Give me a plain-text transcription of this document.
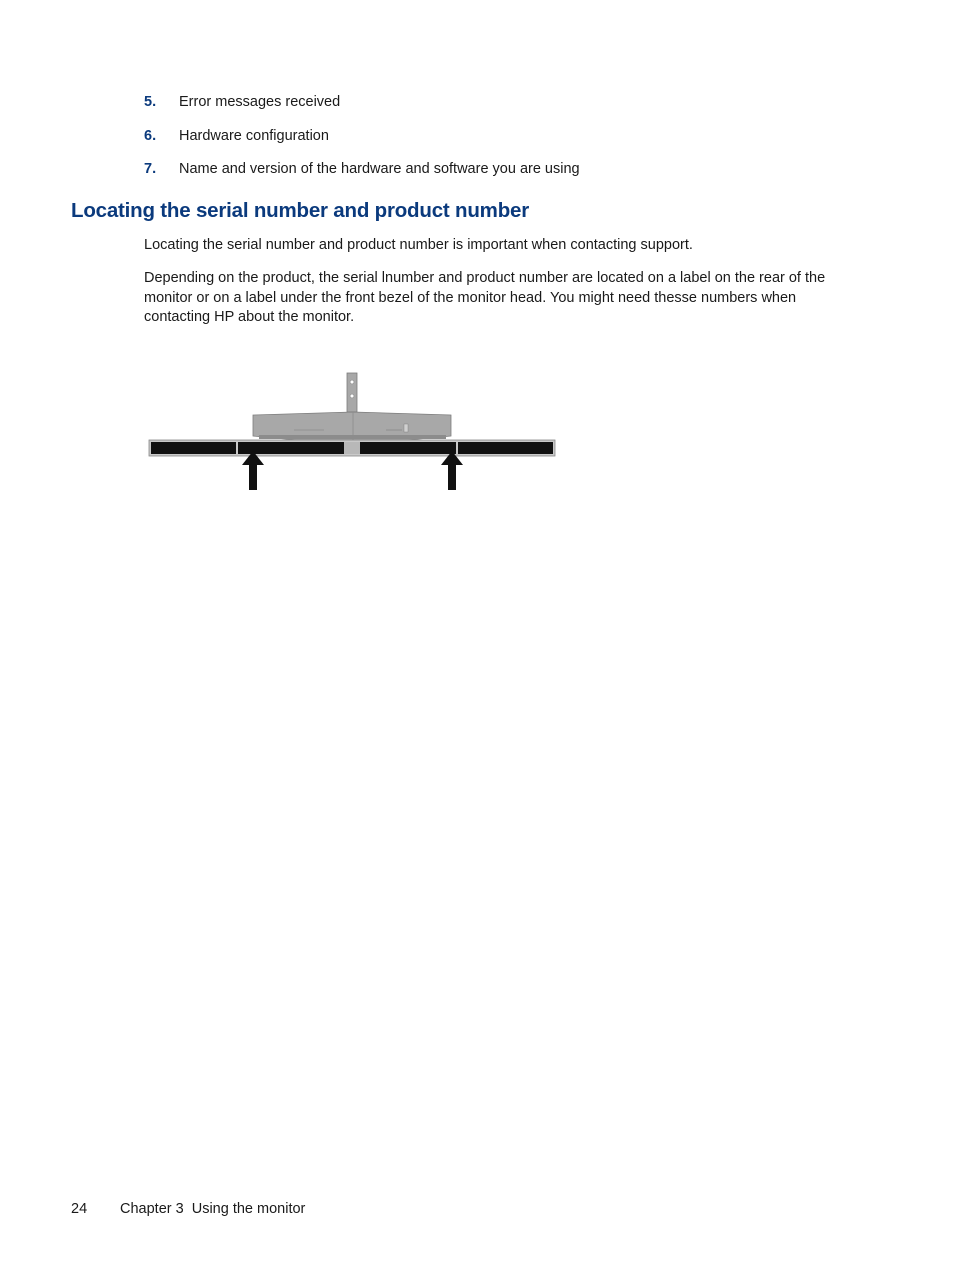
5.	Error messages received
6.	Hardware configuration
7.	Name and version of the hardware and software you are using
Locating the serial number and product number

Locating the serial number and product number is important when contacting support.

Depending on the product, the serial lnumber and product number are located on a label on the rear of the monitor or on a label under the front bezel of the monitor head. You might need thesse numbers when contacting HP about the monitor.

24	Chapter 3  Using the monitor
